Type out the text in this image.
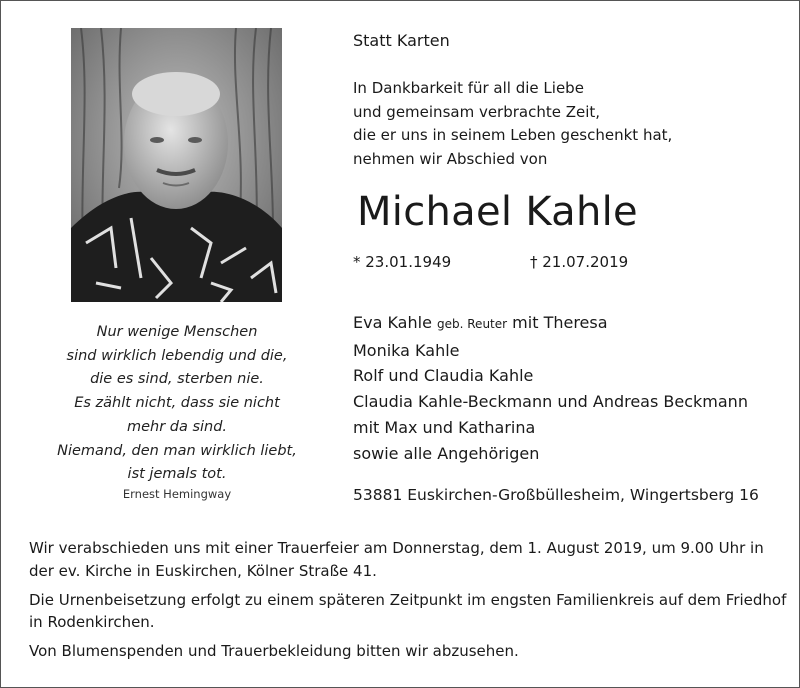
Nur wenige Menschen
sind wirklich lebendig und die,
die es sind, sterben nie.
Es zählt nicht, dass sie nicht
mehr da sind.
Niemand, den man wirklich liebt,
ist jemals tot.
Ernest Hemingway
Statt Karten
In Dankbarkeit für all die Liebe
und gemeinsam verbrachte Zeit,
die er uns in seinem Leben geschenkt hat,
nehmen wir Abschied von
Michael Kahle
* 23.01.1949	† 21.07.2019
Eva Kahle geb. Reuter mit Theresa
Monika Kahle
Rolf und Claudia Kahle
Claudia Kahle-Beckmann und Andreas Beckmann
mit Max und Katharina
sowie alle Angehörigen
53881 Euskirchen-Großbüllesheim, Wingertsberg 16

Wir verabschieden uns mit einer Trauerfeier am Donnerstag, dem 1. August 2019, um 9.00 Uhr in der ev. Kirche in Euskirchen, Kölner Straße 41.

Die Urnenbeisetzung erfolgt zu einem späteren Zeitpunkt im engsten Familienkreis auf dem Friedhof in Rodenkirchen.

Von Blumenspenden und Trauerbekleidung bitten wir abzusehen.
